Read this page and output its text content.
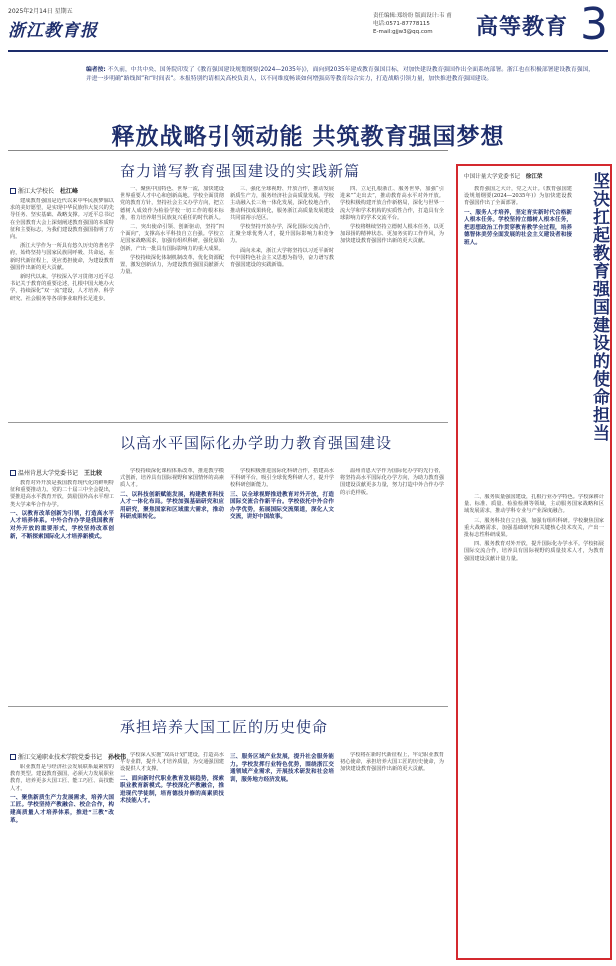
2025年2月14日 星期五
浙江教育报
责任编辑:郑纷纷 版面设计:韦 甫
电话:0571-87778115
E-mail:gjjw3@qq.com	高等教育 3
编者按: 不久前，中共中央、国务院印发了《教育强国建设规划纲要(2024—2035年)》，面向到2035年建成教育强国目标，对加快建设教育强国作出全面系统部署。浙江也在积极部署建设教育强国，并进一步明确“路线图”和“时间表”。本报特别约请相关高校负责人，以不同维度畅谈如何增强高等教育综合实力，打造战略引领力量，加快推进教育强国建设。
释放战略引领动能 共筑教育强国梦想
奋力谱写教育强国建设的实践新篇
浙江大学校长 杜江峰

建成教育强国是近代以来中华民族梦寐以求的美好愿望，是实现中华民族伟大复兴的先导任务、坚实基础、战略支撑。习近平总书记在全国教育大会上深刻阐述教育强国的本质特征和主要标志，为我们建设教育强国指明了方向。

浙江大学作为一所具有悠久历史的著名学府，始终坚持与国家民族同呼吸、共命运，在新时代新征程上，更应勇担使命，为建设教育强国作出新的更大贡献。

新时代以来，学校深入学习贯彻习近平总书记关于教育的重要论述，扎根中国大地办大学，持续深化“双一流”建设，人才培养、科学研究、社会服务等各项事业取得长足进步。

一、聚焦中国特色、世界一流，加快建设世界重要人才中心和创新高地。学校全面贯彻党的教育方针，坚持社会主义办学方向，把立德树人成效作为检验学校一切工作的根本标准，着力培养堪当民族复兴重任的时代新人。

二、突出使命引领、创新驱动，坚持“四个面向”，支撑高水平科技自立自强。学校立足国家战略需求，加强有组织科研，强化原始创新，产出一批具有国际影响力的重大成果。

学校持续深化体制机制改革，优化资源配置，激发创新活力，为建设教育强国贡献浙大力量。

三、强化全球视野、开放合作，推动发展新质生产力，服务经济社会高质量发展。学校主动融入长三角一体化发展，深化校地合作，推动科技成果转化，服务浙江高质量发展建设共同富裕示范区。

学校坚持开放办学，深化国际交流合作，汇聚全球优秀人才，提升国际影响力和竞争力。

面向未来，浙江大学将坚持以习近平新时代中国特色社会主义思想为指导，奋力谱写教育强国建设的实践新篇。

四、立足扎根浙江、服务世界，加强“引进来”“走出去”，推动教育高水平对外开放。学校积极构建开放合作新格局，深化与世界一流大学和学术机构的实质性合作，打造具有全球影响力的学术交流平台。

学校将继续坚持立德树人根本任务，以更加昂扬的精神状态、更加务实的工作作风，为加快建设教育强国作出新的更大贡献。

以高水平国际化办学助力教育强国建设
温州肯恩大学党委书记 王比较

教育对外开放是我国教育现代化的鲜明特征和重要推动力。党的二十届三中全会提出，要推进高水平教育开放，鼓励国外高水平理工类大学来华合作办学。

一、以教育改革创新为引领，打造高水平人才培养体系。中外合作办学是我国教育对外开放的重要形式，学校坚持改革创新，不断探索国际化人才培养新模式。

学校持续深化课程体系改革，推进教学模式创新，培养具有国际视野和家国情怀的高素质人才。

二、以科技创新赋能发展，构建教育科技人才一体化布局。学校加强基础研究和应用研究，聚焦国家和区域重大需求，推动科研成果转化。

学校积极推进国际化科研合作，搭建高水平科研平台，吸引全球优秀科研人才，提升学校科研创新能力。

三、以全球视野推进教育对外开放，打造国际交流合作新平台。学校依托中外合作办学优势，拓展国际交流渠道，深化人文交流，讲好中国故事。

温州肯恩大学作为国际化办学的先行者，将坚持高水平国际化办学方向，为助力教育强国建设贡献更多力量，努力打造中外合作办学的示范样板。

承担培养大国工匠的历史使命
浙江交通职业技术学院党委书记 孙校伟

职业教育是与经济社会发展联系最紧密的教育类型。建设教育强国，必须大力发展职业教育，培养更多大国工匠、能工巧匠、高技能人才。

一、聚焦新质生产力发展需求，培养大国工匠。学校坚持产教融合、校企合作，构建高质量人才培养体系，推进“三教”改革。

学校深入实施“双高计划”建设，打造高水平专业群，提升人才培养质量，为交通强国建设提供人才支撑。

二、面向新时代职业教育发展趋势，探索职业教育新模式。学校深化产教融合，推进现代学徒制，培育德技并修的高素质技术技能人才。
三、服务区域产业发展，提升社会服务能力。学校发挥行业特色优势，围绕浙江交通领域产业需求，开展技术研发和社会培训，服务地方经济发展。

学校将在新时代新征程上，牢记职业教育初心使命，承担培养大国工匠的历史使命，为加快建设教育强国作出新的更大贡献。

坚决扛起教育强国建设的使命担当
中国计量大学党委书记 徐江荣

教育强国之大计，党之大计。《教育强国建设规划纲要(2024—2035年)》为加快建设教育强国作出了全面部署。

一、服务人才培养，坚定育实新时代合格新人根本任务。学校坚持立德树人根本任务，把思想政治工作贯穿教育教学全过程，培养德智体美劳全面发展的社会主义建设者和接班人。

二、服务质量强国建设，扎根行业办学特色。学校深耕计量、标准、质量、检验检测等领域，主动服务国家战略和区域发展需求，推动学科专业与产业深度融合。

三、服务科技自立自强，加强有组织科研。学校聚焦国家重大战略需求，加强基础研究和关键核心技术攻关，产出一批标志性科研成果。

四、服务教育对外开放，提升国际化办学水平。学校拓展国际交流合作，培养具有国际视野的质量技术人才，为教育强国建设贡献计量力量。
